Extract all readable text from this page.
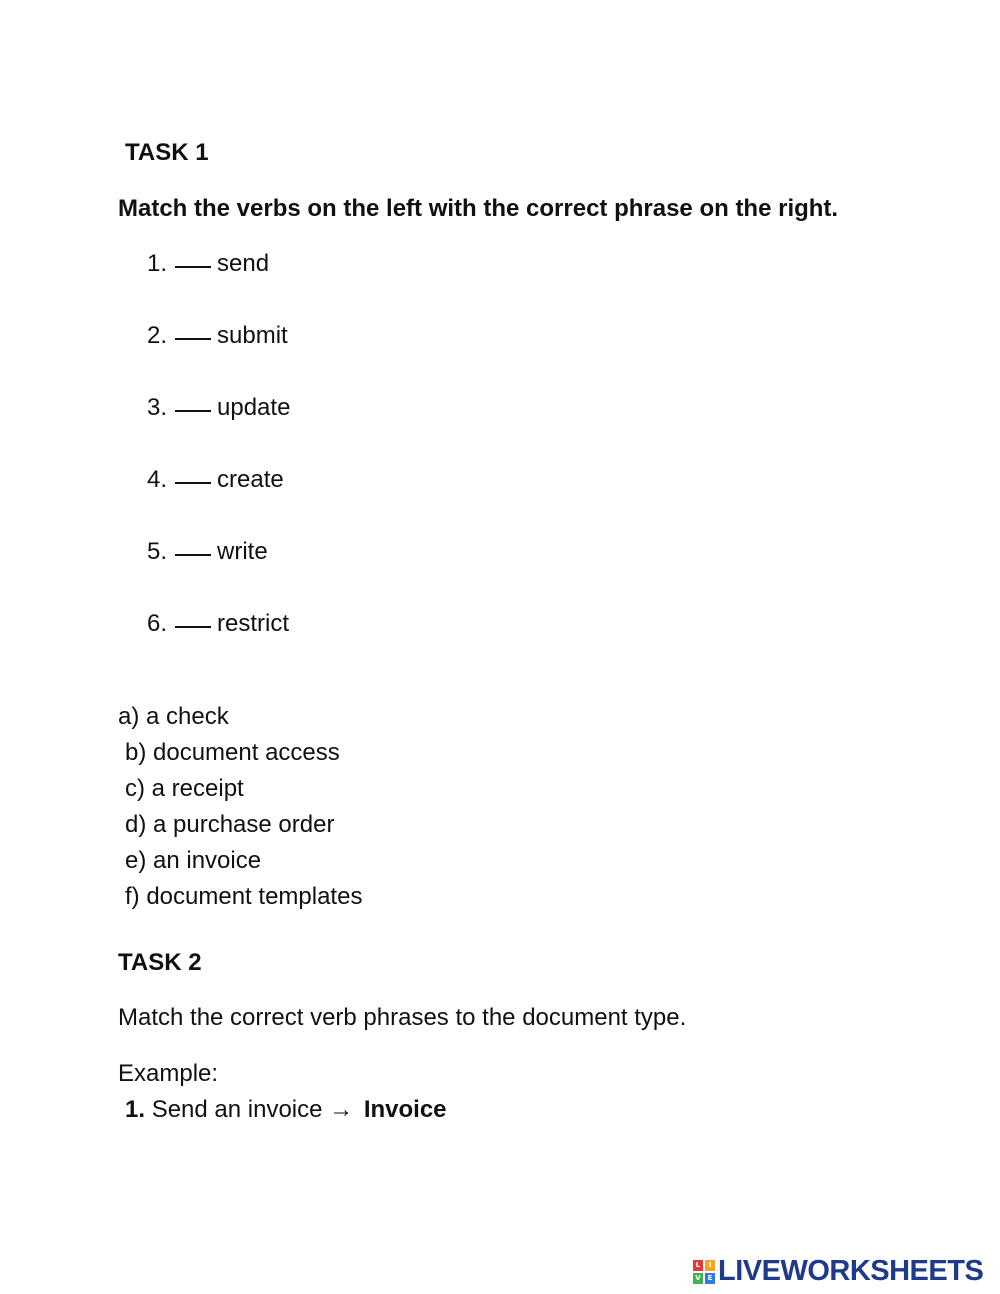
TASK 1
Match the verbs on the left with the correct phrase on the right.
1. send
2. submit
3. update
4. create
5. write
6. restrict
a) a check
b) document access
c) a receipt
d) a purchase order
e) an invoice
f) document templates
TASK 2
Match the correct verb phrases to the document type.
Example:
1. Send an invoice → Invoice
L	I
V E LIVEWORKSHEETS
